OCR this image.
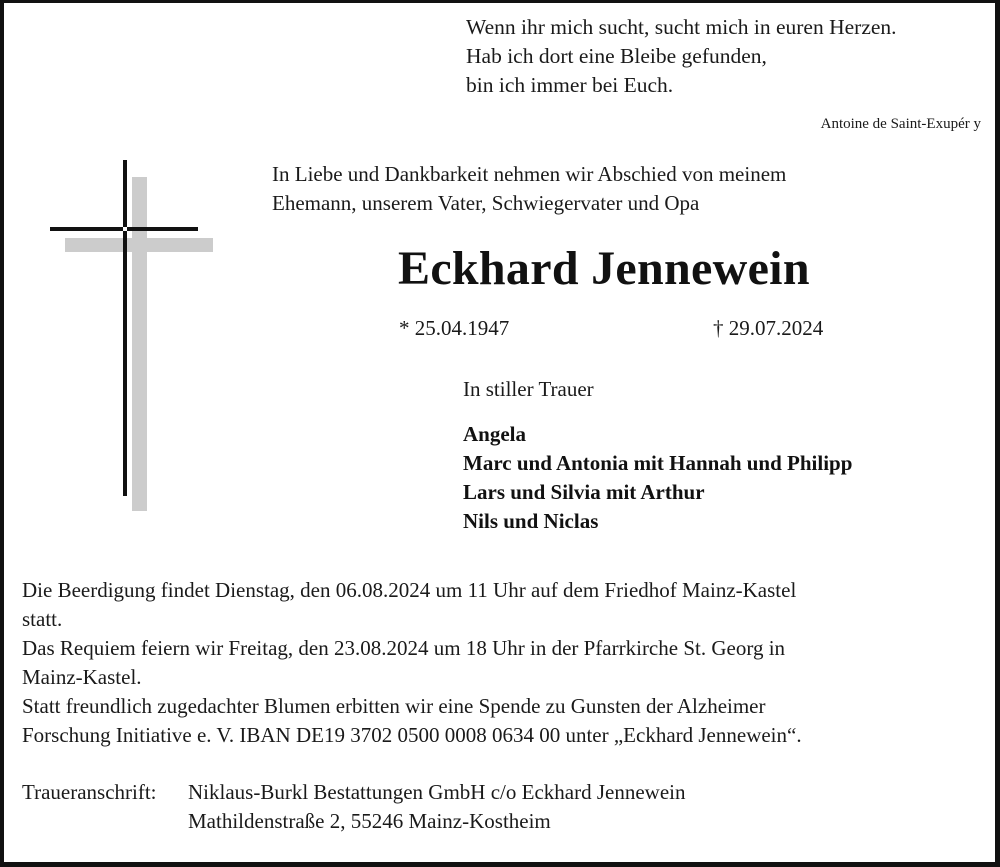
Wenn ihr mich sucht, sucht mich in euren Herzen.
Hab ich dort eine Bleibe gefunden,
bin ich immer bei Euch.
Antoine de Saint-Exupér y
In Liebe und Dankbarkeit nehmen wir Abschied von meinem
Ehemann, unserem Vater, Schwiegervater und Opa
Eckhard Jennewein
* 25.04.1947	† 29.07.2024
In stiller Trauer
Angela
Marc und Antonia mit Hannah und Philipp
Lars und Silvia mit Arthur
Nils und Niclas
Die Beerdigung findet Dienstag, den 06.08.2024 um 11 Uhr auf dem Friedhof Mainz-Kastel
statt.
Das Requiem feiern wir Freitag, den 23.08.2024 um 18 Uhr in der Pfarrkirche St. Georg in
Mainz-Kastel.
Statt freundlich zugedachter Blumen erbitten wir eine Spende zu Gunsten der Alzheimer
Forschung Initiative e. V. IBAN DE19 3702 0500 0008 0634 00 unter „Eckhard Jennewein“.
Traueranschrift: Niklaus-Burkl Bestattungen GmbH c/o Eckhard Jennewein
Mathildenstraße 2, 55246 Mainz-Kostheim
